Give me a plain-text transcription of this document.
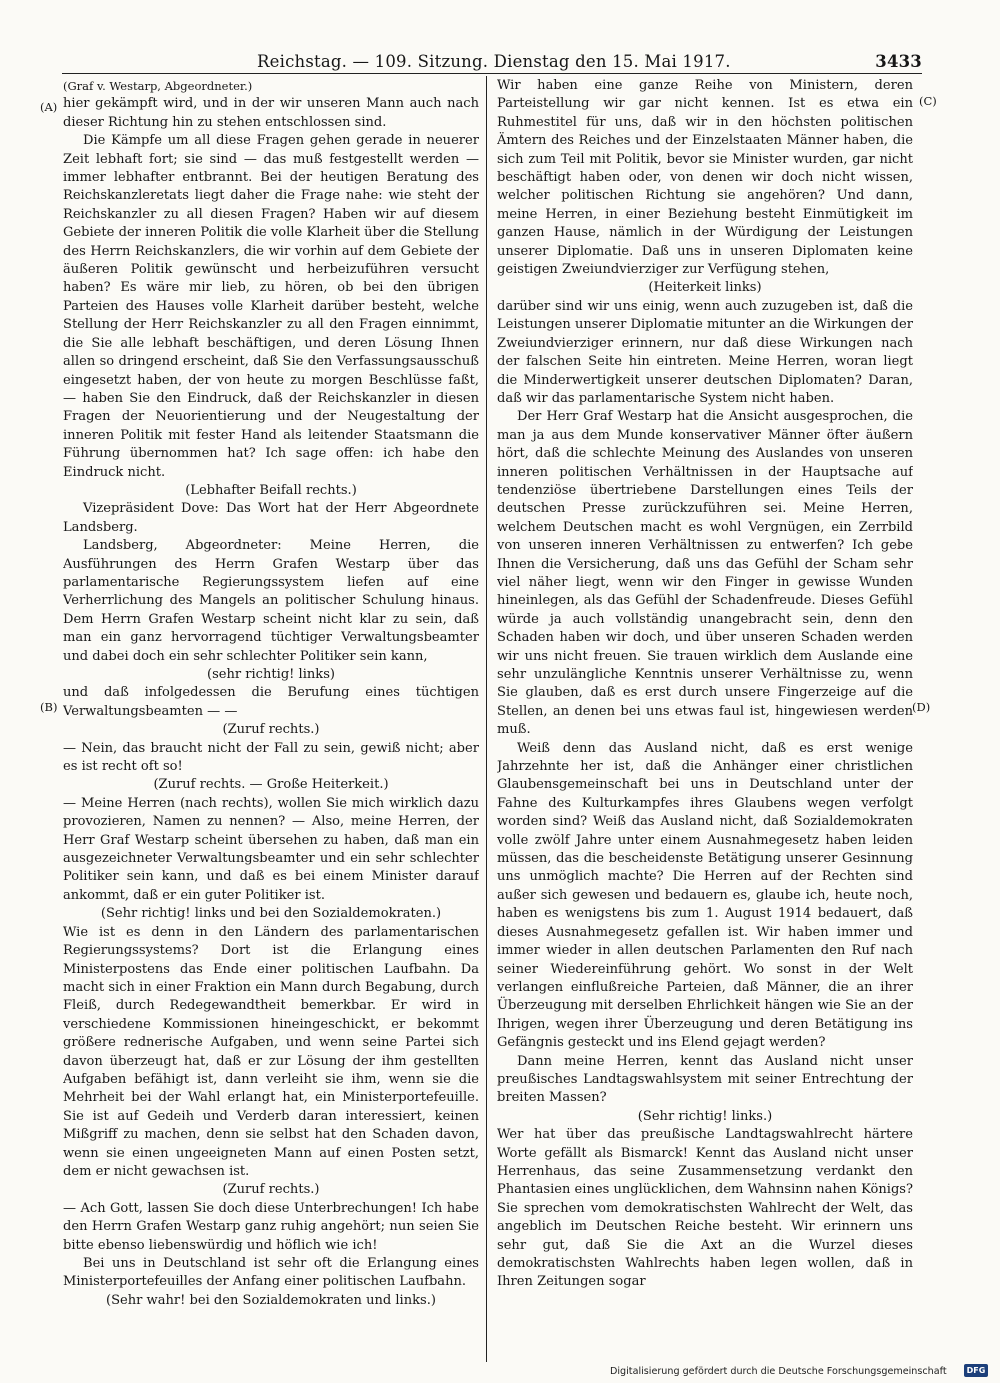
Reichstag. — 109. Sitzung. Dienstag den 15. Mai 1917.	3433
(A)
(B)
(C)
(D)

(Graf v. Westarp, Abgeordneter.)

hier gekämpft wird, und in der wir unseren Mann auch nach dieser Richtung hin zu stehen entschlossen sind.

Die Kämpfe um all diese Fragen gehen gerade in neuerer Zeit lebhaft fort; sie sind — das muß festgestellt werden — immer lebhafter entbrannt. Bei der heutigen Beratung des Reichskanzleretats liegt daher die Frage nahe: wie steht der Reichskanzler zu all diesen Fragen? Haben wir auf diesem Gebiete der inneren Politik die volle Klarheit über die Stellung des Herrn Reichskanzlers, die wir vorhin auf dem Gebiete der äußeren Politik gewünscht und herbeizuführen versucht haben? Es wäre mir lieb, zu hören, ob bei den übrigen Parteien des Hauses volle Klarheit darüber besteht, welche Stellung der Herr Reichskanzler zu all den Fragen einnimmt, die Sie alle lebhaft beschäftigen, und deren Lösung Ihnen allen so dringend erscheint, daß Sie den Verfassungsausschuß eingesetzt haben, der von heute zu morgen Beschlüsse faßt, — haben Sie den Eindruck, daß der Reichskanzler in diesen Fragen der Neuorientierung und der Neugestaltung der inneren Politik mit fester Hand als leitender Staatsmann die Führung übernommen hat? Ich sage offen: ich habe den Eindruck nicht.

(Lebhafter Beifall rechts.)

Vizepräsident Dove: Das Wort hat der Herr Abgeordnete Landsberg.

Landsberg, Abgeordneter: Meine Herren, die Ausführungen des Herrn Grafen Westarp über das parlamentarische Regierungssystem liefen auf eine Verherrlichung des Mangels an politischer Schulung hinaus. Dem Herrn Grafen Westarp scheint nicht klar zu sein, daß man ein ganz hervorragend tüchtiger Verwaltungsbeamter und dabei doch ein sehr schlechter Politiker sein kann,

(sehr richtig! links)

und daß infolgedessen die Berufung eines tüchtigen Verwaltungsbeamten — —

(Zuruf rechts.)

— Nein, das braucht nicht der Fall zu sein, gewiß nicht; aber es ist recht oft so!

(Zuruf rechts. — Große Heiterkeit.)

— Meine Herren (nach rechts), wollen Sie mich wirklich dazu provozieren, Namen zu nennen? — Also, meine Herren, der Herr Graf Westarp scheint übersehen zu haben, daß man ein ausgezeichneter Verwaltungsbeamter und ein sehr schlechter Politiker sein kann, und daß es bei einem Minister darauf ankommt, daß er ein guter Politiker ist.

(Sehr richtig! links und bei den Sozialdemokraten.)

Wie ist es denn in den Ländern des parlamentarischen Regierungssystems? Dort ist die Erlangung eines Ministerpostens das Ende einer politischen Laufbahn. Da macht sich in einer Fraktion ein Mann durch Begabung, durch Fleiß, durch Redegewandtheit bemerkbar. Er wird in verschiedene Kommissionen hineingeschickt, er bekommt größere rednerische Aufgaben, und wenn seine Partei sich davon überzeugt hat, daß er zur Lösung der ihm gestellten Aufgaben befähigt ist, dann verleiht sie ihm, wenn sie die Mehrheit bei der Wahl erlangt hat, ein Ministerportefeuille. Sie ist auf Gedeih und Verderb daran interessiert, keinen Mißgriff zu machen, denn sie selbst hat den Schaden davon, wenn sie einen ungeeigneten Mann auf einen Posten setzt, dem er nicht gewachsen ist.

(Zuruf rechts.)

— Ach Gott, lassen Sie doch diese Unterbrechungen! Ich habe den Herrn Grafen Westarp ganz ruhig angehört; nun seien Sie bitte ebenso liebenswürdig und höflich wie ich!

Bei uns in Deutschland ist sehr oft die Erlangung eines Ministerportefeuilles der Anfang einer politischen Laufbahn.

(Sehr wahr! bei den Sozialdemokraten und links.)

Wir haben eine ganze Reihe von Ministern, deren Parteistellung wir gar nicht kennen. Ist es etwa ein Ruhmestitel für uns, daß wir in den höchsten politischen Ämtern des Reiches und der Einzelstaaten Männer haben, die sich zum Teil mit Politik, bevor sie Minister wurden, gar nicht beschäftigt haben oder, von denen wir doch nicht wissen, welcher politischen Richtung sie angehören? Und dann, meine Herren, in einer Beziehung besteht Einmütigkeit im ganzen Hause, nämlich in der Würdigung der Leistungen unserer Diplomatie. Daß uns in unseren Diplomaten keine geistigen Zweiundvierziger zur Verfügung stehen,

(Heiterkeit links)

darüber sind wir uns einig, wenn auch zuzugeben ist, daß die Leistungen unserer Diplomatie mitunter an die Wirkungen der Zweiundvierziger erinnern, nur daß diese Wirkungen nach der falschen Seite hin eintreten. Meine Herren, woran liegt die Minderwertigkeit unserer deutschen Diplomaten? Daran, daß wir das parlamentarische System nicht haben.

Der Herr Graf Westarp hat die Ansicht ausgesprochen, die man ja aus dem Munde konservativer Männer öfter äußern hört, daß die schlechte Meinung des Auslandes von unseren inneren politischen Verhältnissen in der Hauptsache auf tendenziöse übertriebene Darstellungen eines Teils der deutschen Presse zurückzuführen sei. Meine Herren, welchem Deutschen macht es wohl Vergnügen, ein Zerrbild von unseren inneren Verhältnissen zu entwerfen? Ich gebe Ihnen die Versicherung, daß uns das Gefühl der Scham sehr viel näher liegt, wenn wir den Finger in gewisse Wunden hineinlegen, als das Gefühl der Schadenfreude. Dieses Gefühl würde ja auch vollständig unangebracht sein, denn den Schaden haben wir doch, und über unseren Schaden werden wir uns nicht freuen. Sie trauen wirklich dem Auslande eine sehr unzulängliche Kenntnis unserer Verhältnisse zu, wenn Sie glauben, daß es erst durch unsere Fingerzeige auf die Stellen, an denen bei uns etwas faul ist, hingewiesen werden muß.

Weiß denn das Ausland nicht, daß es erst wenige Jahrzehnte her ist, daß die Anhänger einer christlichen Glaubensgemeinschaft bei uns in Deutschland unter der Fahne des Kulturkampfes ihres Glaubens wegen verfolgt worden sind? Weiß das Ausland nicht, daß Sozialdemokraten volle zwölf Jahre unter einem Ausnahmegesetz haben leiden müssen, das die bescheidenste Betätigung unserer Gesinnung uns unmöglich machte? Die Herren auf der Rechten sind außer sich gewesen und bedauern es, glaube ich, heute noch, haben es wenigstens bis zum 1. August 1914 bedauert, daß dieses Ausnahmegesetz gefallen ist. Wir haben immer und immer wieder in allen deutschen Parlamenten den Ruf nach seiner Wiedereinführung gehört. Wo sonst in der Welt verlangen einflußreiche Parteien, daß Männer, die an ihrer Überzeugung mit derselben Ehrlichkeit hängen wie Sie an der Ihrigen, wegen ihrer Überzeugung und deren Betätigung ins Gefängnis gesteckt und ins Elend gejagt werden?

Dann meine Herren, kennt das Ausland nicht unser preußisches Landtagswahlsystem mit seiner Entrechtung der breiten Massen?

(Sehr richtig! links.)

Wer hat über das preußische Landtagswahlrecht härtere Worte gefällt als Bismarck! Kennt das Ausland nicht unser Herrenhaus, das seine Zusammensetzung verdankt den Phantasien eines unglücklichen, dem Wahnsinn nahen Königs? Sie sprechen vom demokratischsten Wahlrecht der Welt, das angeblich im Deutschen Reiche besteht. Wir erinnern uns sehr gut, daß Sie die Axt an die Wurzel dieses demokratischsten Wahlrechts haben legen wollen, daß in Ihren Zeitungen sogar

Digitalisierung gefördert durch die Deutsche Forschungsgemeinschaft	DFG
